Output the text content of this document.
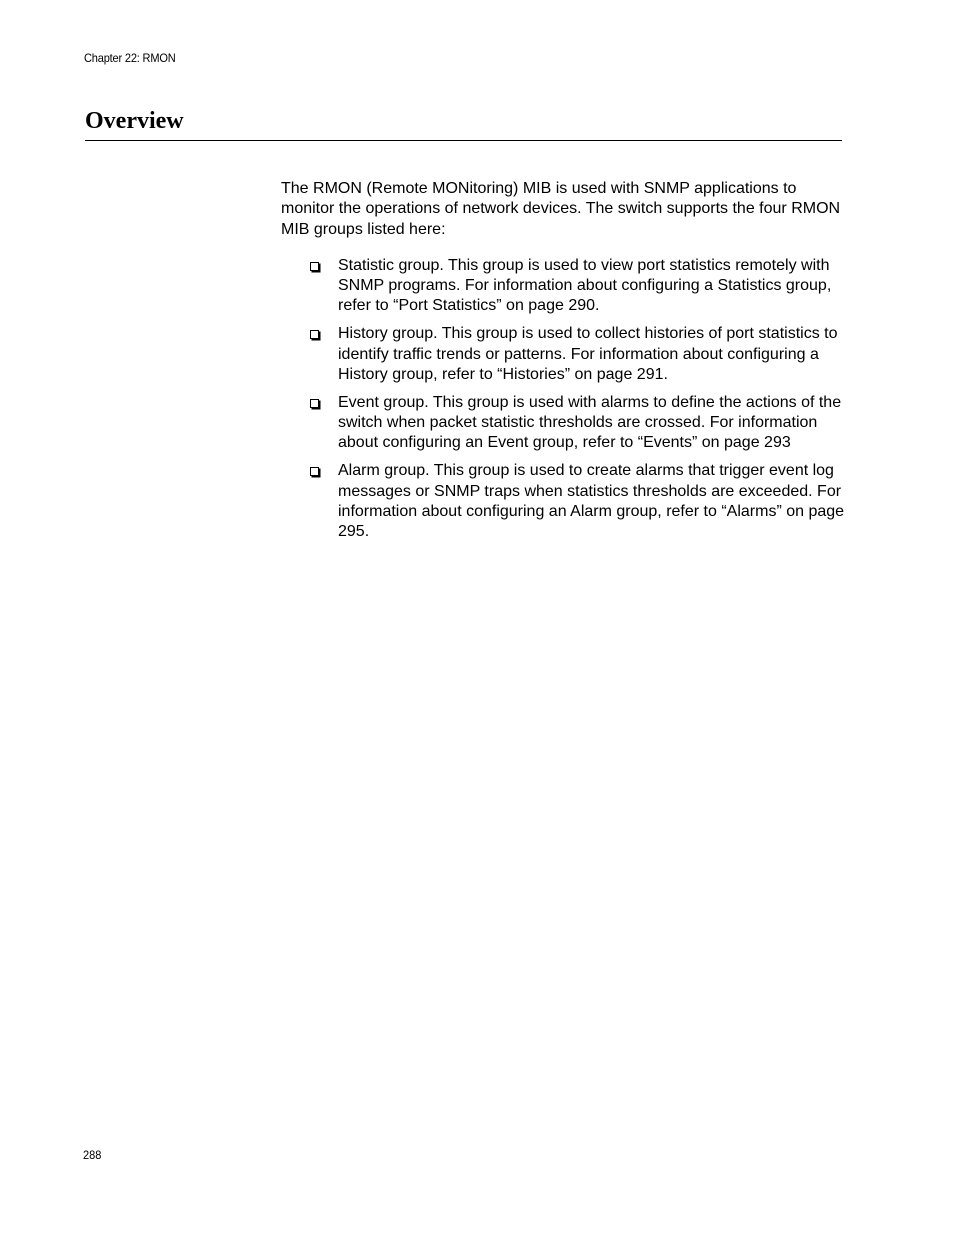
Chapter 22: RMON
Overview

The RMON (Remote MONitoring) MIB is used with SNMP applications to monitor the operations of network devices. The switch supports the four RMON MIB groups listed here:

Statistic group. This group is used to view port statistics remotely with SNMP programs. For information about configuring a Statistics group, refer to “Port Statistics” on page 290.
History group. This group is used to collect histories of port statistics to identify traffic trends or patterns. For information about configuring a History group, refer to “Histories” on page 291.
Event group. This group is used with alarms to define the actions of the switch when packet statistic thresholds are crossed. For information about configuring an Event group, refer to “Events” on page 293
Alarm group. This group is used to create alarms that trigger event log messages or SNMP traps when statistics thresholds are exceeded. For information about configuring an Alarm group, refer to “Alarms” on page 295.
288
